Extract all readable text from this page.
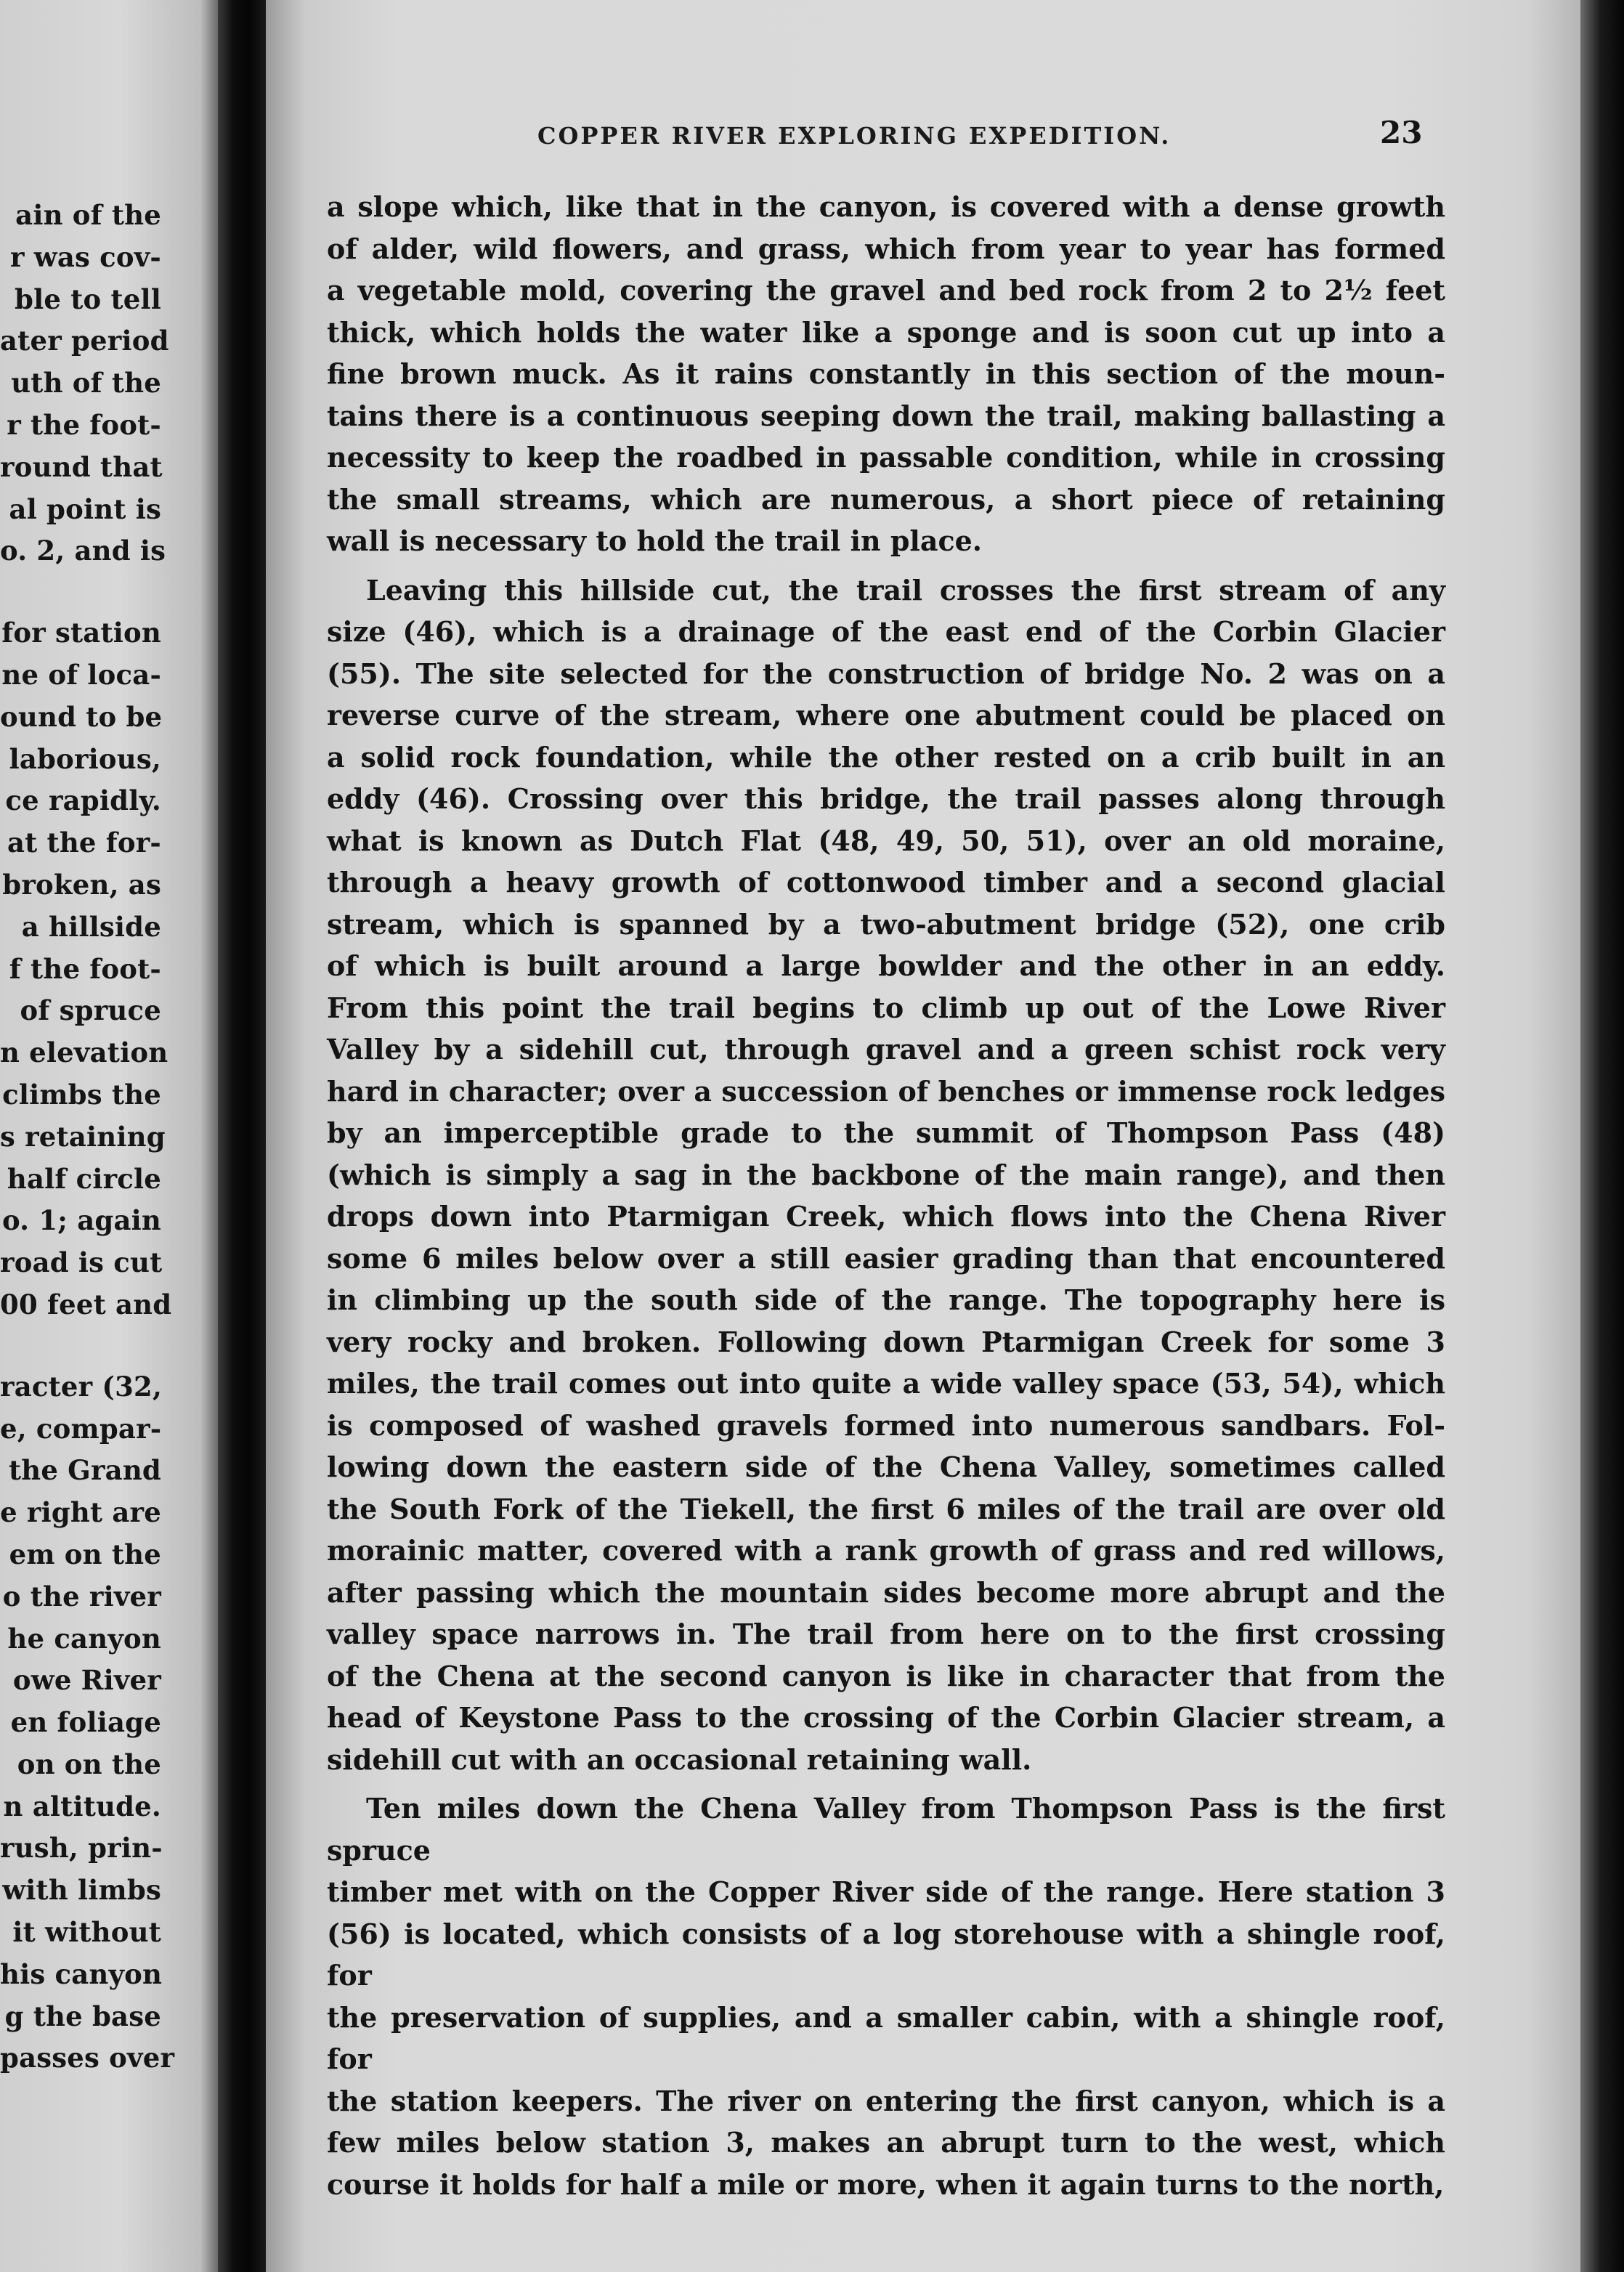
ain of the
r was cov-
ble to tell
ater period
uth of the
r the foot-
round that
al point is
o. 2, and is
for station
ne of loca-
ound to be
laborious,
ce rapidly.
at the for-
broken, as
a hillside
f the foot-
of spruce
n elevation
climbs the
s retaining
half circle
o. 1; again
road is cut
00 feet and
racter (32,
e, compar-
the Grand
e right are
em on the
o the river
he canyon
owe River
en foliage
on on the
n altitude.
rush, prin-
with limbs
it without
his canyon
g the base
passes over
COPPER RIVER EXPLORING EXPEDITION.	23

a slope which, like that in the canyon, is covered with a dense growth
of alder, wild flowers, and grass, which from year to year has formed
a vegetable mold, covering the gravel and bed rock from 2 to 2½ feet
thick, which holds the water like a sponge and is soon cut up into a
fine brown muck. As it rains constantly in this section of the moun-
tains there is a continuous seeping down the trail, making ballasting a
necessity to keep the roadbed in passable condition, while in crossing
the small streams, which are numerous, a short piece of retaining
wall is necessary to hold the trail in place.

Leaving this hillside cut, the trail crosses the first stream of any
size (46), which is a drainage of the east end of the Corbin Glacier
(55). The site selected for the construction of bridge No. 2 was on a
reverse curve of the stream, where one abutment could be placed on
a solid rock foundation, while the other rested on a crib built in an
eddy (46). Crossing over this bridge, the trail passes along through
what is known as Dutch Flat (48, 49, 50, 51), over an old moraine,
through a heavy growth of cottonwood timber and a second glacial
stream, which is spanned by a two-abutment bridge (52), one crib
of which is built around a large bowlder and the other in an eddy.
From this point the trail begins to climb up out of the Lowe River
Valley by a sidehill cut, through gravel and a green schist rock very
hard in character; over a succession of benches or immense rock ledges
by an imperceptible grade to the summit of Thompson Pass (48)
(which is simply a sag in the backbone of the main range), and then
drops down into Ptarmigan Creek, which flows into the Chena River
some 6 miles below over a still easier grading than that encountered
in climbing up the south side of the range. The topography here is
very rocky and broken. Following down Ptarmigan Creek for some 3
miles, the trail comes out into quite a wide valley space (53, 54), which
is composed of washed gravels formed into numerous sandbars. Fol-
lowing down the eastern side of the Chena Valley, sometimes called
the South Fork of the Tiekell, the first 6 miles of the trail are over old
morainic matter, covered with a rank growth of grass and red willows,
after passing which the mountain sides become more abrupt and the
valley space narrows in. The trail from here on to the first crossing
of the Chena at the second canyon is like in character that from the
head of Keystone Pass to the crossing of the Corbin Glacier stream, a
sidehill cut with an occasional retaining wall.

Ten miles down the Chena Valley from Thompson Pass is the first spruce
timber met with on the Copper River side of the range. Here station 3
(56) is located, which consists of a log storehouse with a shingle roof, for
the preservation of supplies, and a smaller cabin, with a shingle roof, for
the station keepers. The river on entering the first canyon, which is a
few miles below station 3, makes an abrupt turn to the west, which
course it holds for half a mile or more, when it again turns to the north,
